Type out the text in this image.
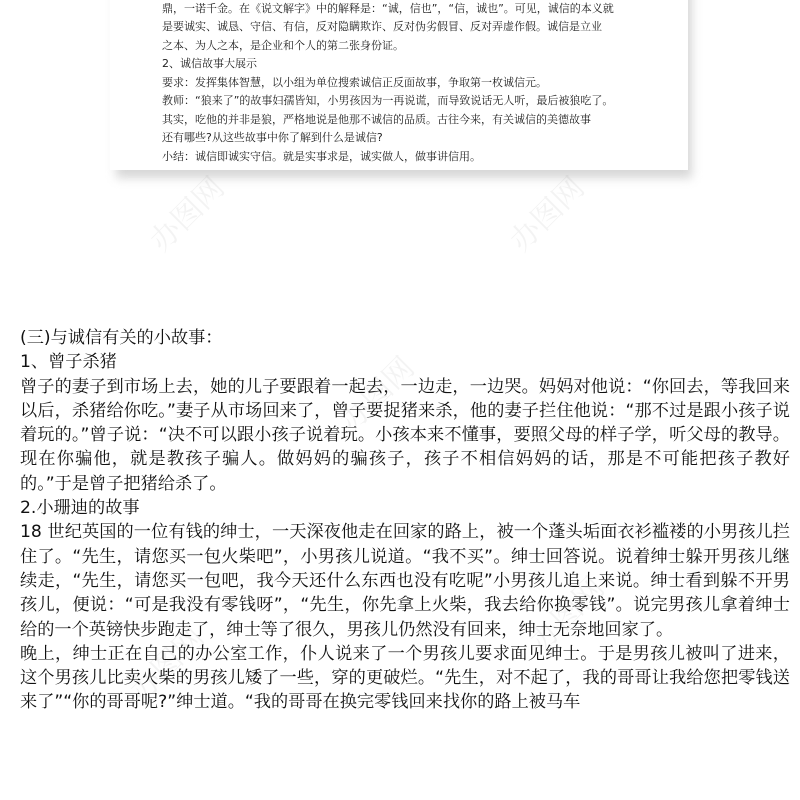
鼎，一诺千金。在《说文解字》中的解释是：“诚，信也”，“信，诚也”。可见，诚信的本义就

是要诚实、诚恳、守信、有信，反对隐瞒欺诈、反对伪劣假冒、反对弄虚作假。诚信是立业

之本、为人之本，是企业和个人的第二张身份证。

2、诚信故事大展示

要求：发挥集体智慧，以小组为单位搜索诚信正反面故事，争取第一枚诚信元。

教师：“狼来了”的故事妇孺皆知，小男孩因为一再说谎，而导致说话无人听，最后被狼吃了。

其实，吃他的并非是狼，严格地说是他那不诚信的品质。古往今来，有关诚信的美德故事

还有哪些?从这些故事中你了解到什么是诚信?

小结：诚信即诚实守信。就是实事求是，诚实做人，做事讲信用。

(三)与诚信有关的小故事：

1、曾子杀猪

曾子的妻子到市场上去，她的儿子要跟着一起去，一边走，一边哭。妈妈对他说：“你回去，等我回来以后，杀猪给你吃。”妻子从市场回来了，曾子要捉猪来杀，他的妻子拦住他说：“那不过是跟小孩子说着玩的。”曾子说：“决不可以跟小孩子说着玩。小孩本来不懂事，要照父母的样子学，听父母的教导。现在你骗他，就是教孩子骗人。做妈妈的骗孩子，孩子不相信妈妈的话，那是不可能把孩子教好的。”于是曾子把猪给杀了。

2.小珊迪的故事

18 世纪英国的一位有钱的绅士，一天深夜他走在回家的路上，被一个蓬头垢面衣衫褴褛的小男孩儿拦住了。“先生，请您买一包火柴吧”，小男孩儿说道。“我不买”。绅士回答说。说着绅士躲开男孩儿继续走，“先生，请您买一包吧，我今天还什么东西也没有吃呢”小男孩儿追上来说。绅士看到躲不开男孩儿，便说：“可是我没有零钱呀”，“先生，你先拿上火柴，我去给你换零钱”。说完男孩儿拿着绅士给的一个英镑快步跑走了，绅士等了很久，男孩儿仍然没有回来，绅士无奈地回家了。

晚上，绅士正在自己的办公室工作，仆人说来了一个男孩儿要求面见绅士。于是男孩儿被叫了进来，这个男孩儿比卖火柴的男孩儿矮了一些，穿的更破烂。“先生，对不起了，我的哥哥让我给您把零钱送来了”“你的哥哥呢?”绅士道。“我的哥哥在换完零钱回来找你的路上被马车
